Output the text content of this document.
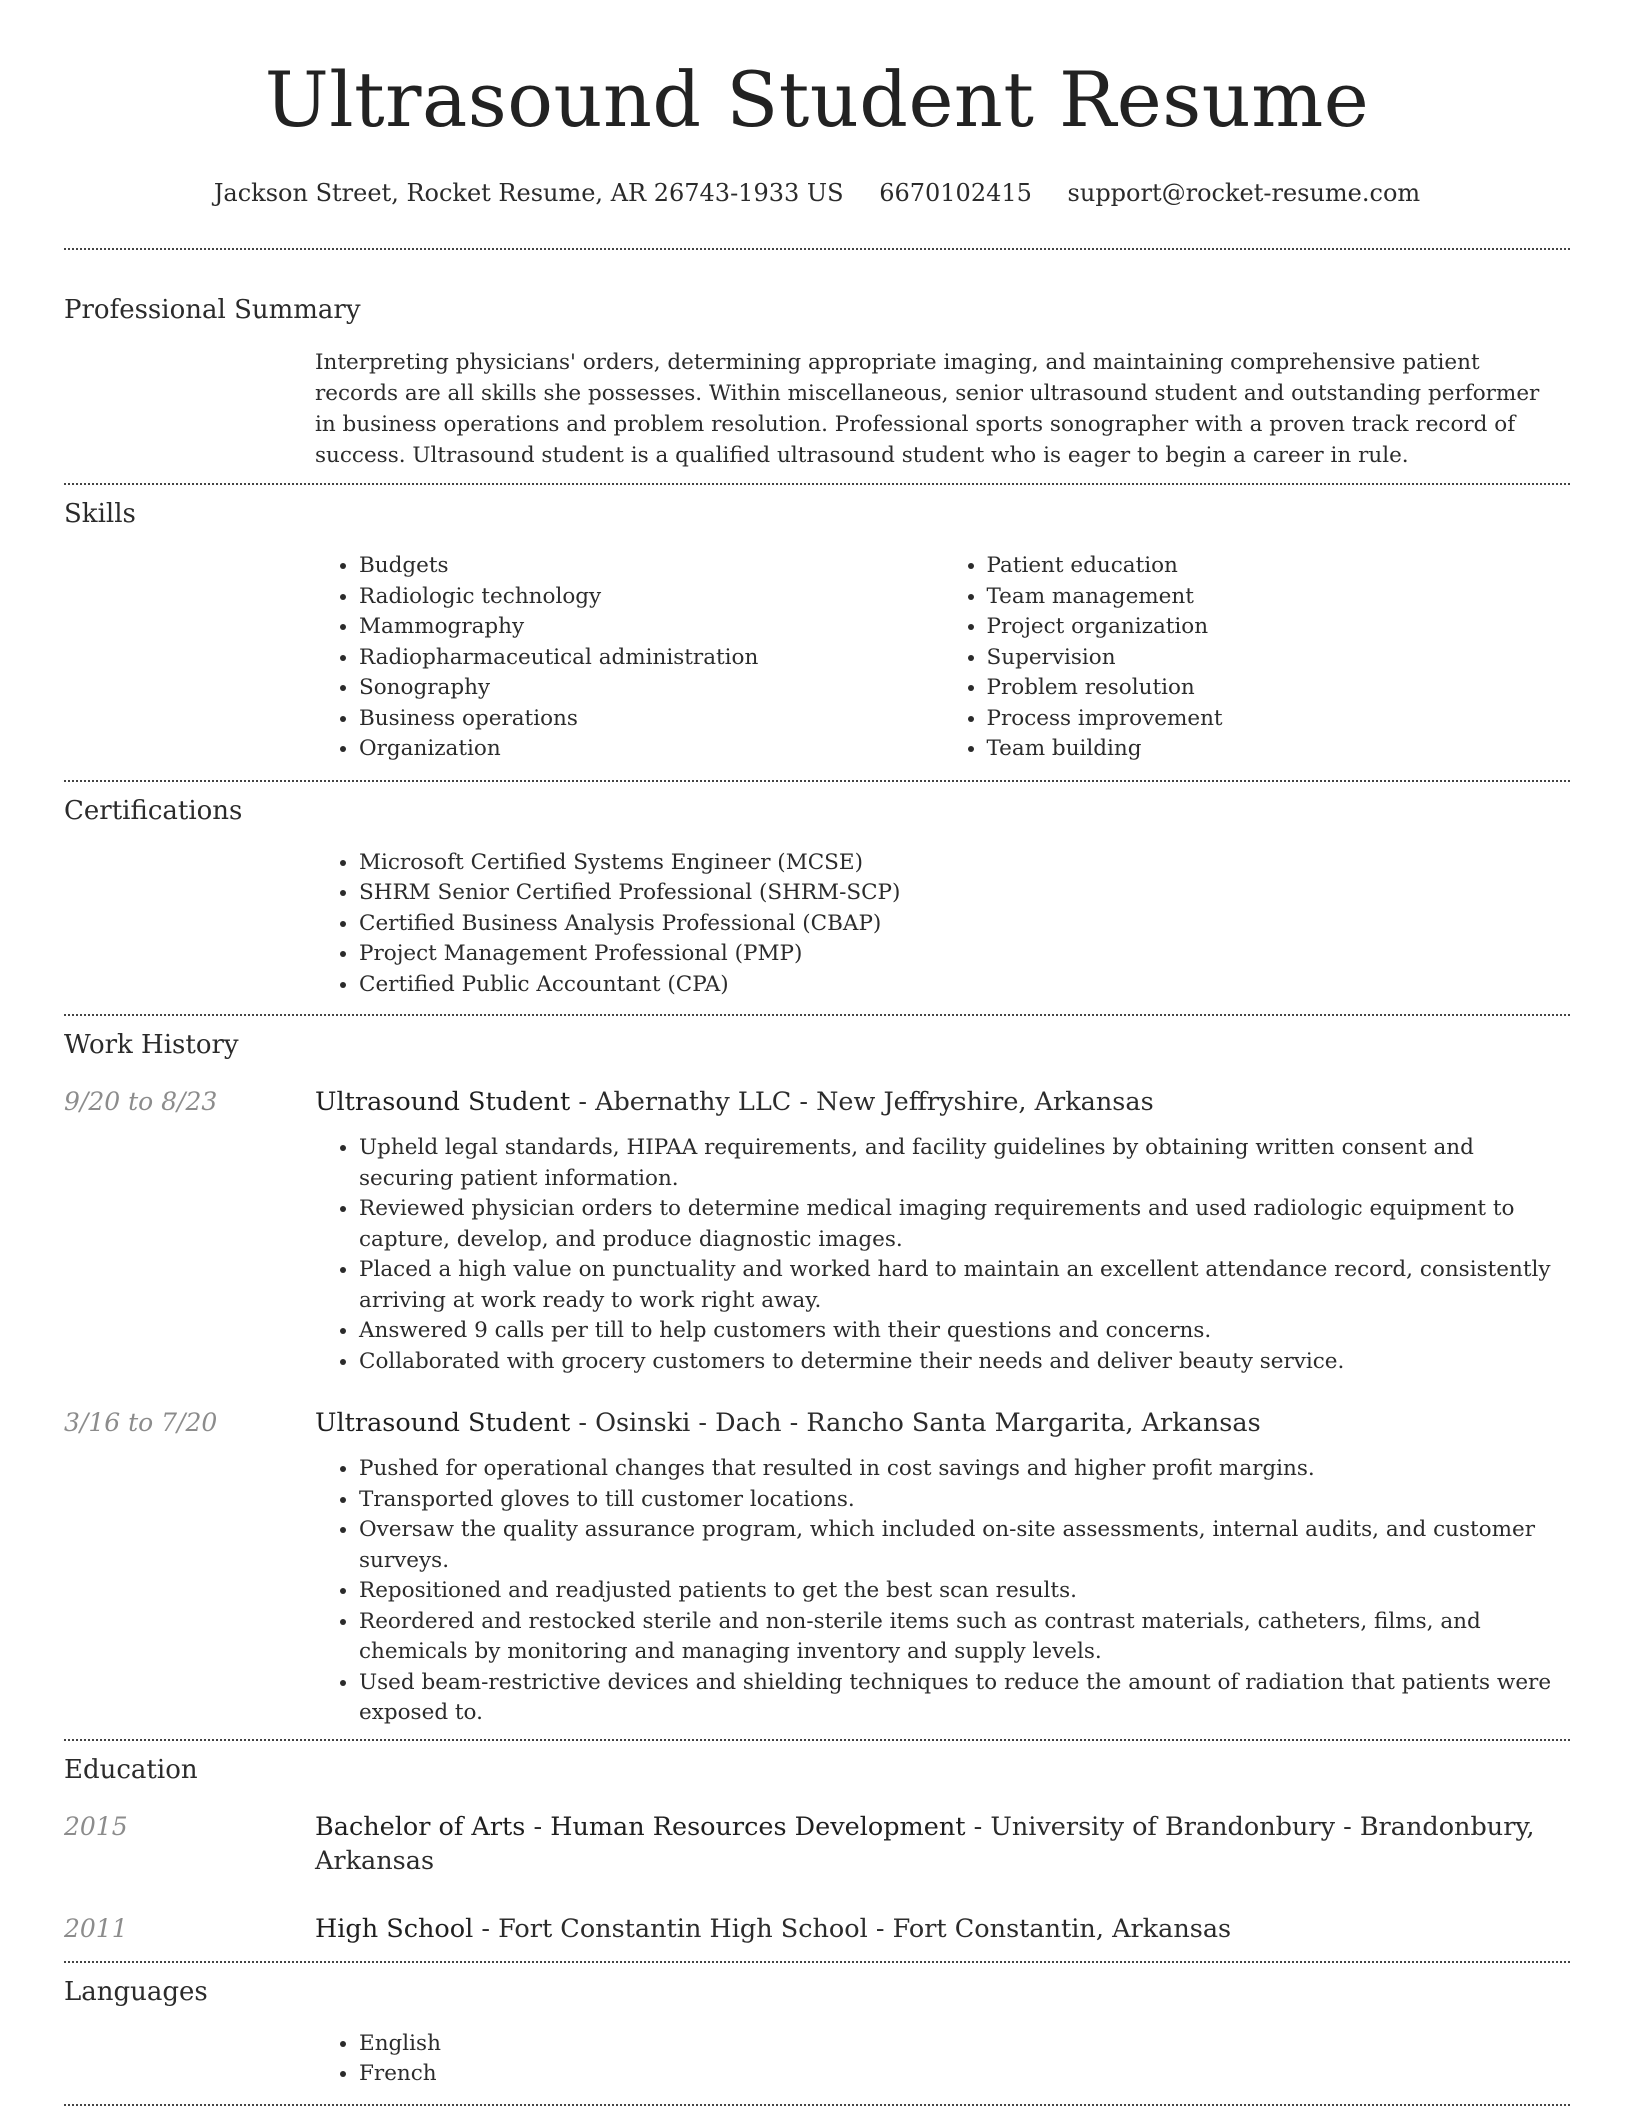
Ultrasound Student Resume
Jackson Street, Rocket Resume, AR 26743-1933 US 6670102415 support@rocket-resume.com
Professional Summary
Interpreting physicians' orders, determining appropriate imaging, and maintaining comprehensive patient records are all skills she possesses. Within miscellaneous, senior ultrasound student and outstanding performer in business operations and problem resolution. Professional sports sonographer with a proven track record of success. Ultrasound student is a qualified ultrasound student who is eager to begin a career in rule.
Skills
• Budgets
• Radiologic technology
• Mammography
• Radiopharmaceutical administration
• Sonography
• Business operations
• Organization
• Patient education
• Team management
• Project organization
• Supervision
• Problem resolution
• Process improvement
• Team building
Certifications
• Microsoft Certified Systems Engineer (MCSE)
• SHRM Senior Certified Professional (SHRM-SCP)
• Certified Business Analysis Professional (CBAP)
• Project Management Professional (PMP)
• Certified Public Accountant (CPA)
Work History
9/20 to 8/23	Ultrasound Student - Abernathy LLC - New Jeffryshire, Arkansas
• Upheld legal standards, HIPAA requirements, and facility guidelines by obtaining written consent and securing patient information.
• Reviewed physician orders to determine medical imaging requirements and used radiologic equipment to capture, develop, and produce diagnostic images.
• Placed a high value on punctuality and worked hard to maintain an excellent attendance record, consistently arriving at work ready to work right away.
• Answered 9 calls per till to help customers with their questions and concerns.
• Collaborated with grocery customers to determine their needs and deliver beauty service.
3/16 to 7/20	Ultrasound Student - Osinski - Dach - Rancho Santa Margarita, Arkansas
• Pushed for operational changes that resulted in cost savings and higher profit margins.
• Transported gloves to till customer locations.
• Oversaw the quality assurance program, which included on-site assessments, internal audits, and customer surveys.
• Repositioned and readjusted patients to get the best scan results.
• Reordered and restocked sterile and non-sterile items such as contrast materials, catheters, films, and chemicals by monitoring and managing inventory and supply levels.
• Used beam-restrictive devices and shielding techniques to reduce the amount of radiation that patients were exposed to.
Education
2015	Bachelor of Arts - Human Resources Development - University of Brandonbury - Brandonbury, Arkansas
2011	High School - Fort Constantin High School - Fort Constantin, Arkansas
Languages
• English
• French
